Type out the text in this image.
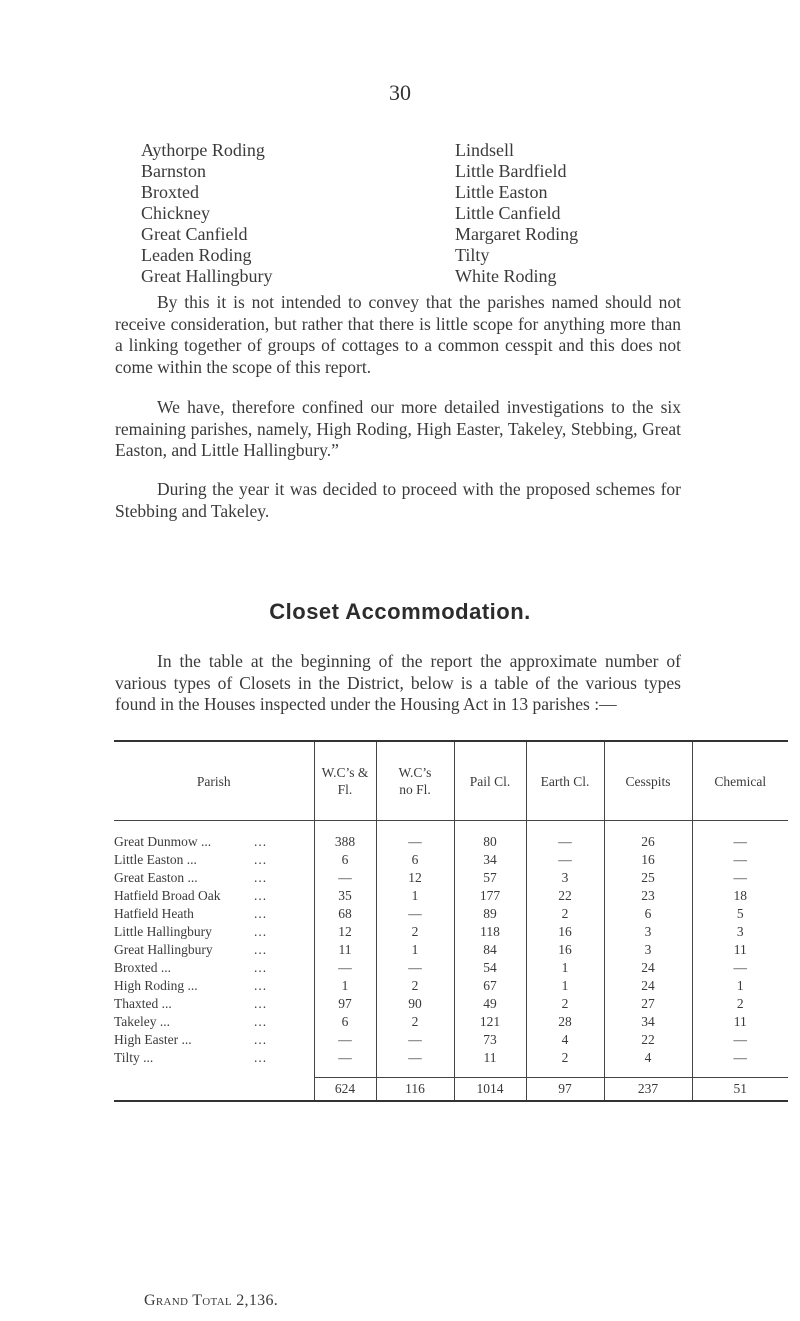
30
Aythorpe Roding
Barnston
Broxted
Chickney
Great Canfield
Leaden Roding
Great Hallingbury
Lindsell
Little Bardfield
Little Easton
Little Canfield
Margaret Roding
Tilty
White Roding

By this it is not intended to convey that the parishes named should not receive consideration, but rather that there is little scope for anything more than a linking together of groups of cottages to a common cesspit and this does not come within the scope of this report.

We have, therefore confined our more detailed investigations to the six remaining parishes, namely, High Roding, High Easter, Takeley, Stebbing, Great Easton, and Little Hallingbury.”

During the year it was decided to proceed with the proposed schemes for Stebbing and Takeley.

Closet Accommodation.

In the table at the beginning of the report the approximate number of various types of Closets in the District, below is a table of the various types found in the Houses inspected under the Housing Act in 13 parishes :—

Parish	W.C’s & Fl.	W.C’s no Fl.	Pail Cl.	Earth Cl.	Cesspits	Chemical
Great Dunmow ... ...	388	—	80	—	26	—
Little Easton ... ...	6	6	34	—	16	—
Great Easton ... ...	—	12	57	3	25	—
Hatfield Broad Oak ...	35	1	177	22	23	18
Hatfield Heath ...	68	—	89	2	6	5
Little Hallingbury ...	12	2	118	16	3	3
Great Hallingbury ...	11	1	84	16	3	11
Broxted ... ...	—	—	54	1	24	—
High Roding ... ...	1	2	67	1	24	1
Thaxted ... ...	97	90	49	2	27	2
Takeley ... ...	6	2	121	28	34	11
High Easter ... ...	—	—	73	4	22	—
Tilty ... ...	—	—	11	2	4	—
	624	116	1014	97	237	51
Grand Total 2,136.
